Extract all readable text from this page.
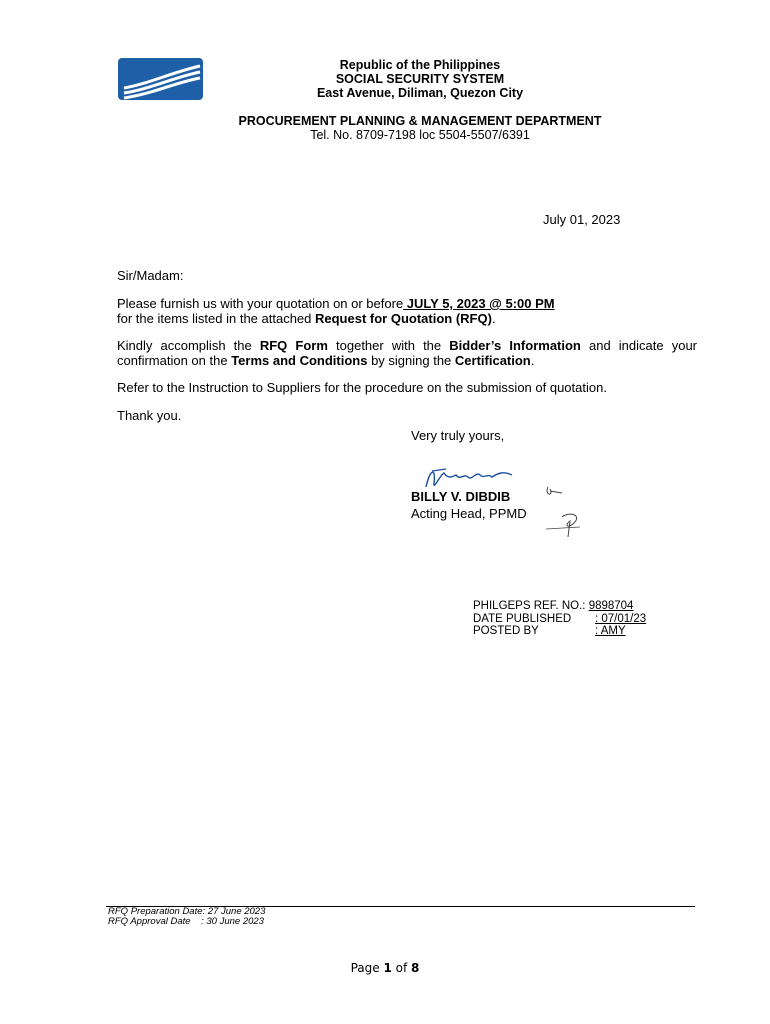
Republic of the Philippines
SOCIAL SECURITY SYSTEM
East Avenue, Diliman, Quezon City
PROCUREMENT PLANNING & MANAGEMENT DEPARTMENT
Tel. No. 8709-7198 loc 5504-5507/6391
July 01, 2023
Sir/Madam:
Please furnish us with your quotation on or before JULY 5, 2023 @ 5:00 PM
for the items listed in the attached Request for Quotation (RFQ).
Kindly accomplish the RFQ Form together with the Bidder’s Information and indicate your confirmation on the Terms and Conditions by signing the Certification.
Refer to the Instruction to Suppliers for the procedure on the submission of quotation.
Thank you.
Very truly yours,
BILLY V. DIBDIB
Acting Head, PPMD
PHILGEPS REF. NO.:
9898704
DATE PUBLISHED	: 07/01/23
POSTED BY	: AMY
RFQ Preparation Date: 27 June 2023
RFQ Approval Date    : 30 June 2023
Page 1 of 8
